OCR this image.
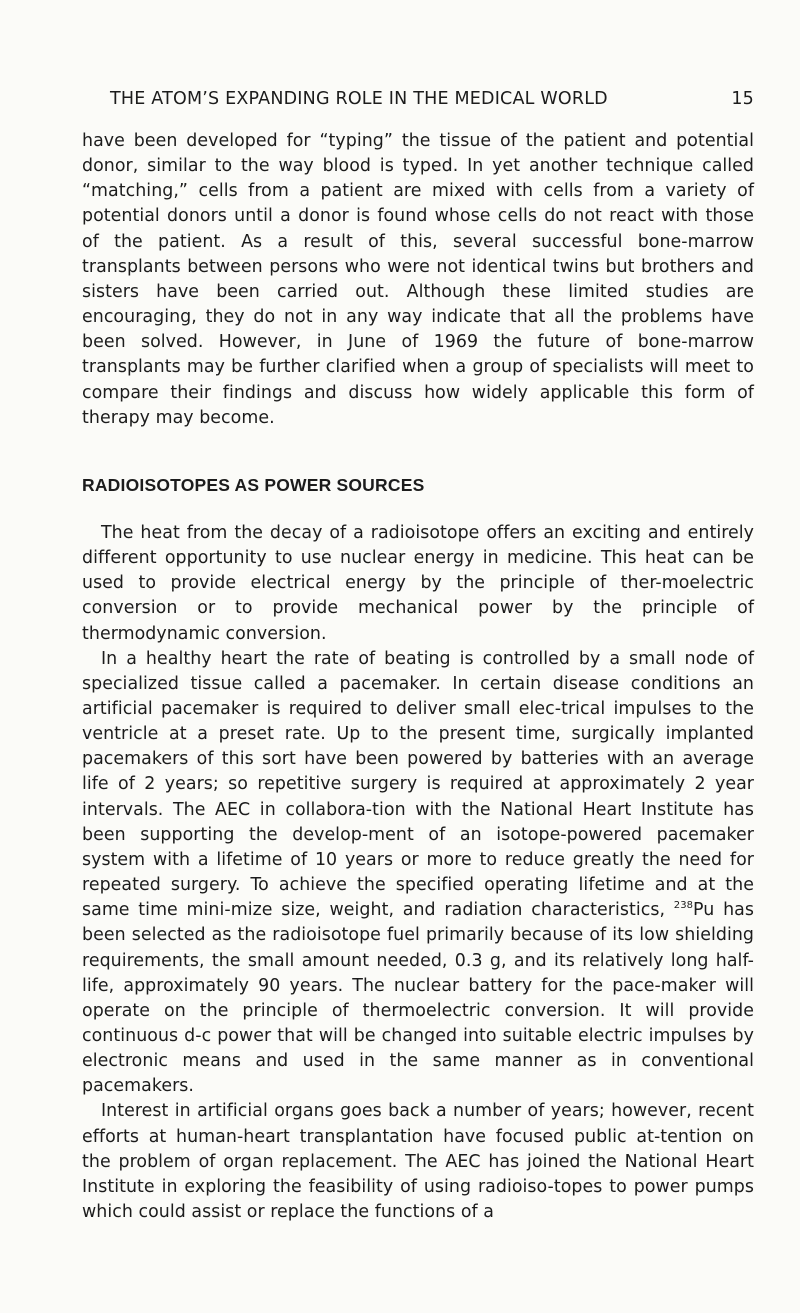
THE ATOM’S EXPANDING ROLE IN THE MEDICAL WORLD	15

have been developed for “typing” the tissue of the patient and potential donor, similar to the way blood is typed. In yet another technique called “matching,” cells from a patient are mixed with cells from a variety of potential donors until a donor is found whose cells do not react with those of the patient. As a result of this, several successful bone-marrow transplants between persons who were not identical twins but brothers and sisters have been carried out. Although these limited studies are encouraging, they do not in any way indicate that all the problems have been solved. However, in June of 1969 the future of bone-marrow transplants may be further clarified when a group of specialists will meet to compare their findings and discuss how widely applicable this form of therapy may become.

RADIOISOTOPES AS POWER SOURCES

The heat from the decay of a radioisotope offers an exciting and entirely different opportunity to use nuclear energy in medicine. This heat can be used to provide electrical energy by the principle of ther-moelectric conversion or to provide mechanical power by the principle of thermodynamic conversion.

In a healthy heart the rate of beating is controlled by a small node of specialized tissue called a pacemaker. In certain disease conditions an artificial pacemaker is required to deliver small elec-trical impulses to the ventricle at a preset rate. Up to the present time, surgically implanted pacemakers of this sort have been powered by batteries with an average life of 2 years; so repetitive surgery is required at approximately 2 year intervals. The AEC in collabora-tion with the National Heart Institute has been supporting the develop-ment of an isotope-powered pacemaker system with a lifetime of 10 years or more to reduce greatly the need for repeated surgery. To achieve the specified operating lifetime and at the same time mini-mize size, weight, and radiation characteristics, $^{238}$Pu has been selected as the radioisotope fuel primarily because of its low shielding requirements, the small amount needed, 0.3 g, and its relatively long half-life, approximately 90 years. The nuclear battery for the pace-maker will operate on the principle of thermoelectric conversion. It will provide continuous d-c power that will be changed into suitable electric impulses by electronic means and used in the same manner as in conventional pacemakers.

Interest in artificial organs goes back a number of years; however, recent efforts at human-heart transplantation have focused public at-tention on the problem of organ replacement. The AEC has joined the National Heart Institute in exploring the feasibility of using radioiso-topes to power pumps which could assist or replace the functions of a
